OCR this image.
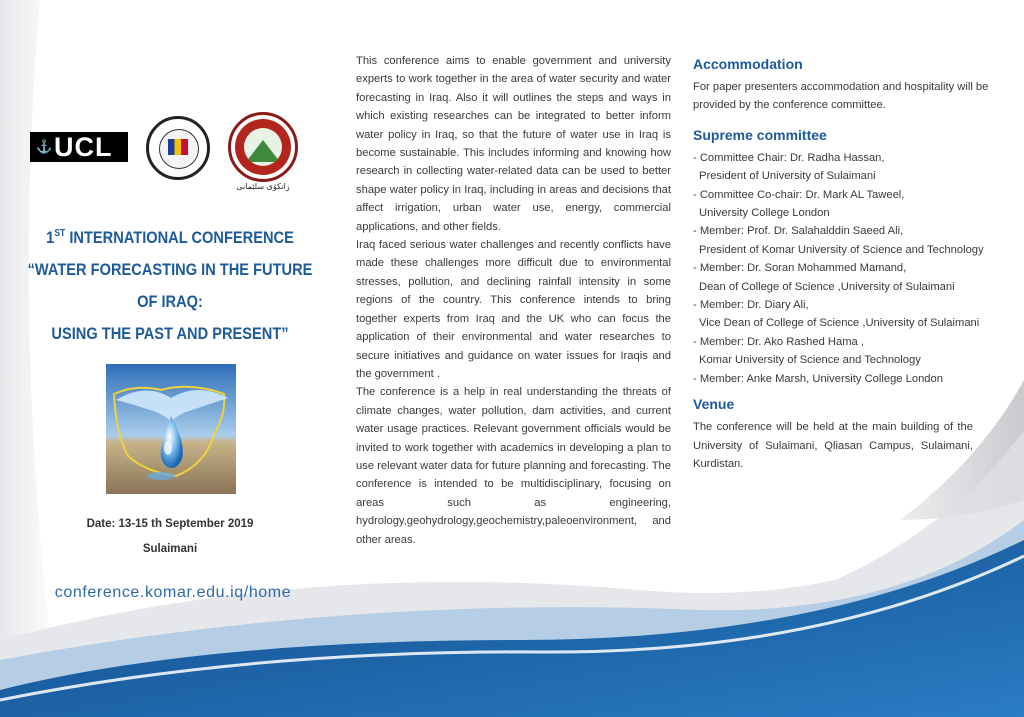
⚓ UCL
زانکۆی سلێمانی
1ST INTERNATIONAL CONFERENCE
“WATER FORECASTING IN THE FUTURE OF IRAQ:
USING THE PAST AND PRESENT”
Date: 13-15 th September 2019
Sulaimani
conference.komar.edu.iq/home

This conference aims to enable government and university experts to work together in the area of water security and water forecasting in Iraq. Also it will outlines the steps and ways in which existing researches can be integrated to better inform water policy in Iraq, so that the future of water use in Iraq is become sustainable. This includes informing and knowing how research in collecting water-related data can be used to better shape water policy in Iraq, including in areas and decisions that affect irrigation, urban water use, energy, commercial applications, and other fields.

Iraq faced serious water challenges and recently conflicts have made these challenges more difficult due to environmental stresses, pollution, and declining rainfall intensity in some regions of the country. This conference intends to bring together experts from Iraq and the UK who can focus the application of their environmental and water researches to secure initiatives and guidance on water issues for Iraqis and the government .

The conference is a help in real understanding the threats of climate changes, water pollution, dam activities, and current water usage practices. Relevant government officials would be invited to work together with academics in developing a plan to use relevant water data for future planning and forecasting. The conference is intended to be multidisciplinary, focusing on areas such as engineering, hydrology,geohydrology,geochemistry,paleoenvironment, and other areas.

Accommodation

For paper presenters accommodation and hospitality will be provided by the conference committee.

Supreme committee
- Committee Chair: Dr. Radha Hassan,
President of University of Sulaimani
- Committee Co-chair: Dr. Mark AL Taweel,
University College London
- Member: Prof. Dr. Salahalddin Saeed Ali,
President of Komar University of Science and Technology
- Member: Dr. Soran Mohammed Mamand,
Dean of College of Science ,University of Sulaimani
- Member: Dr. Diary Ali,
Vice Dean of College of Science ,University of Sulaimani
- Member: Dr. Ako Rashed Hama ,
Komar University of Science and Technology
- Member: Anke Marsh, University College London
Venue

The conference will be held at the main building of the University of Sulaimani, Qliasan Campus, Sulaimani, Kurdistan.
